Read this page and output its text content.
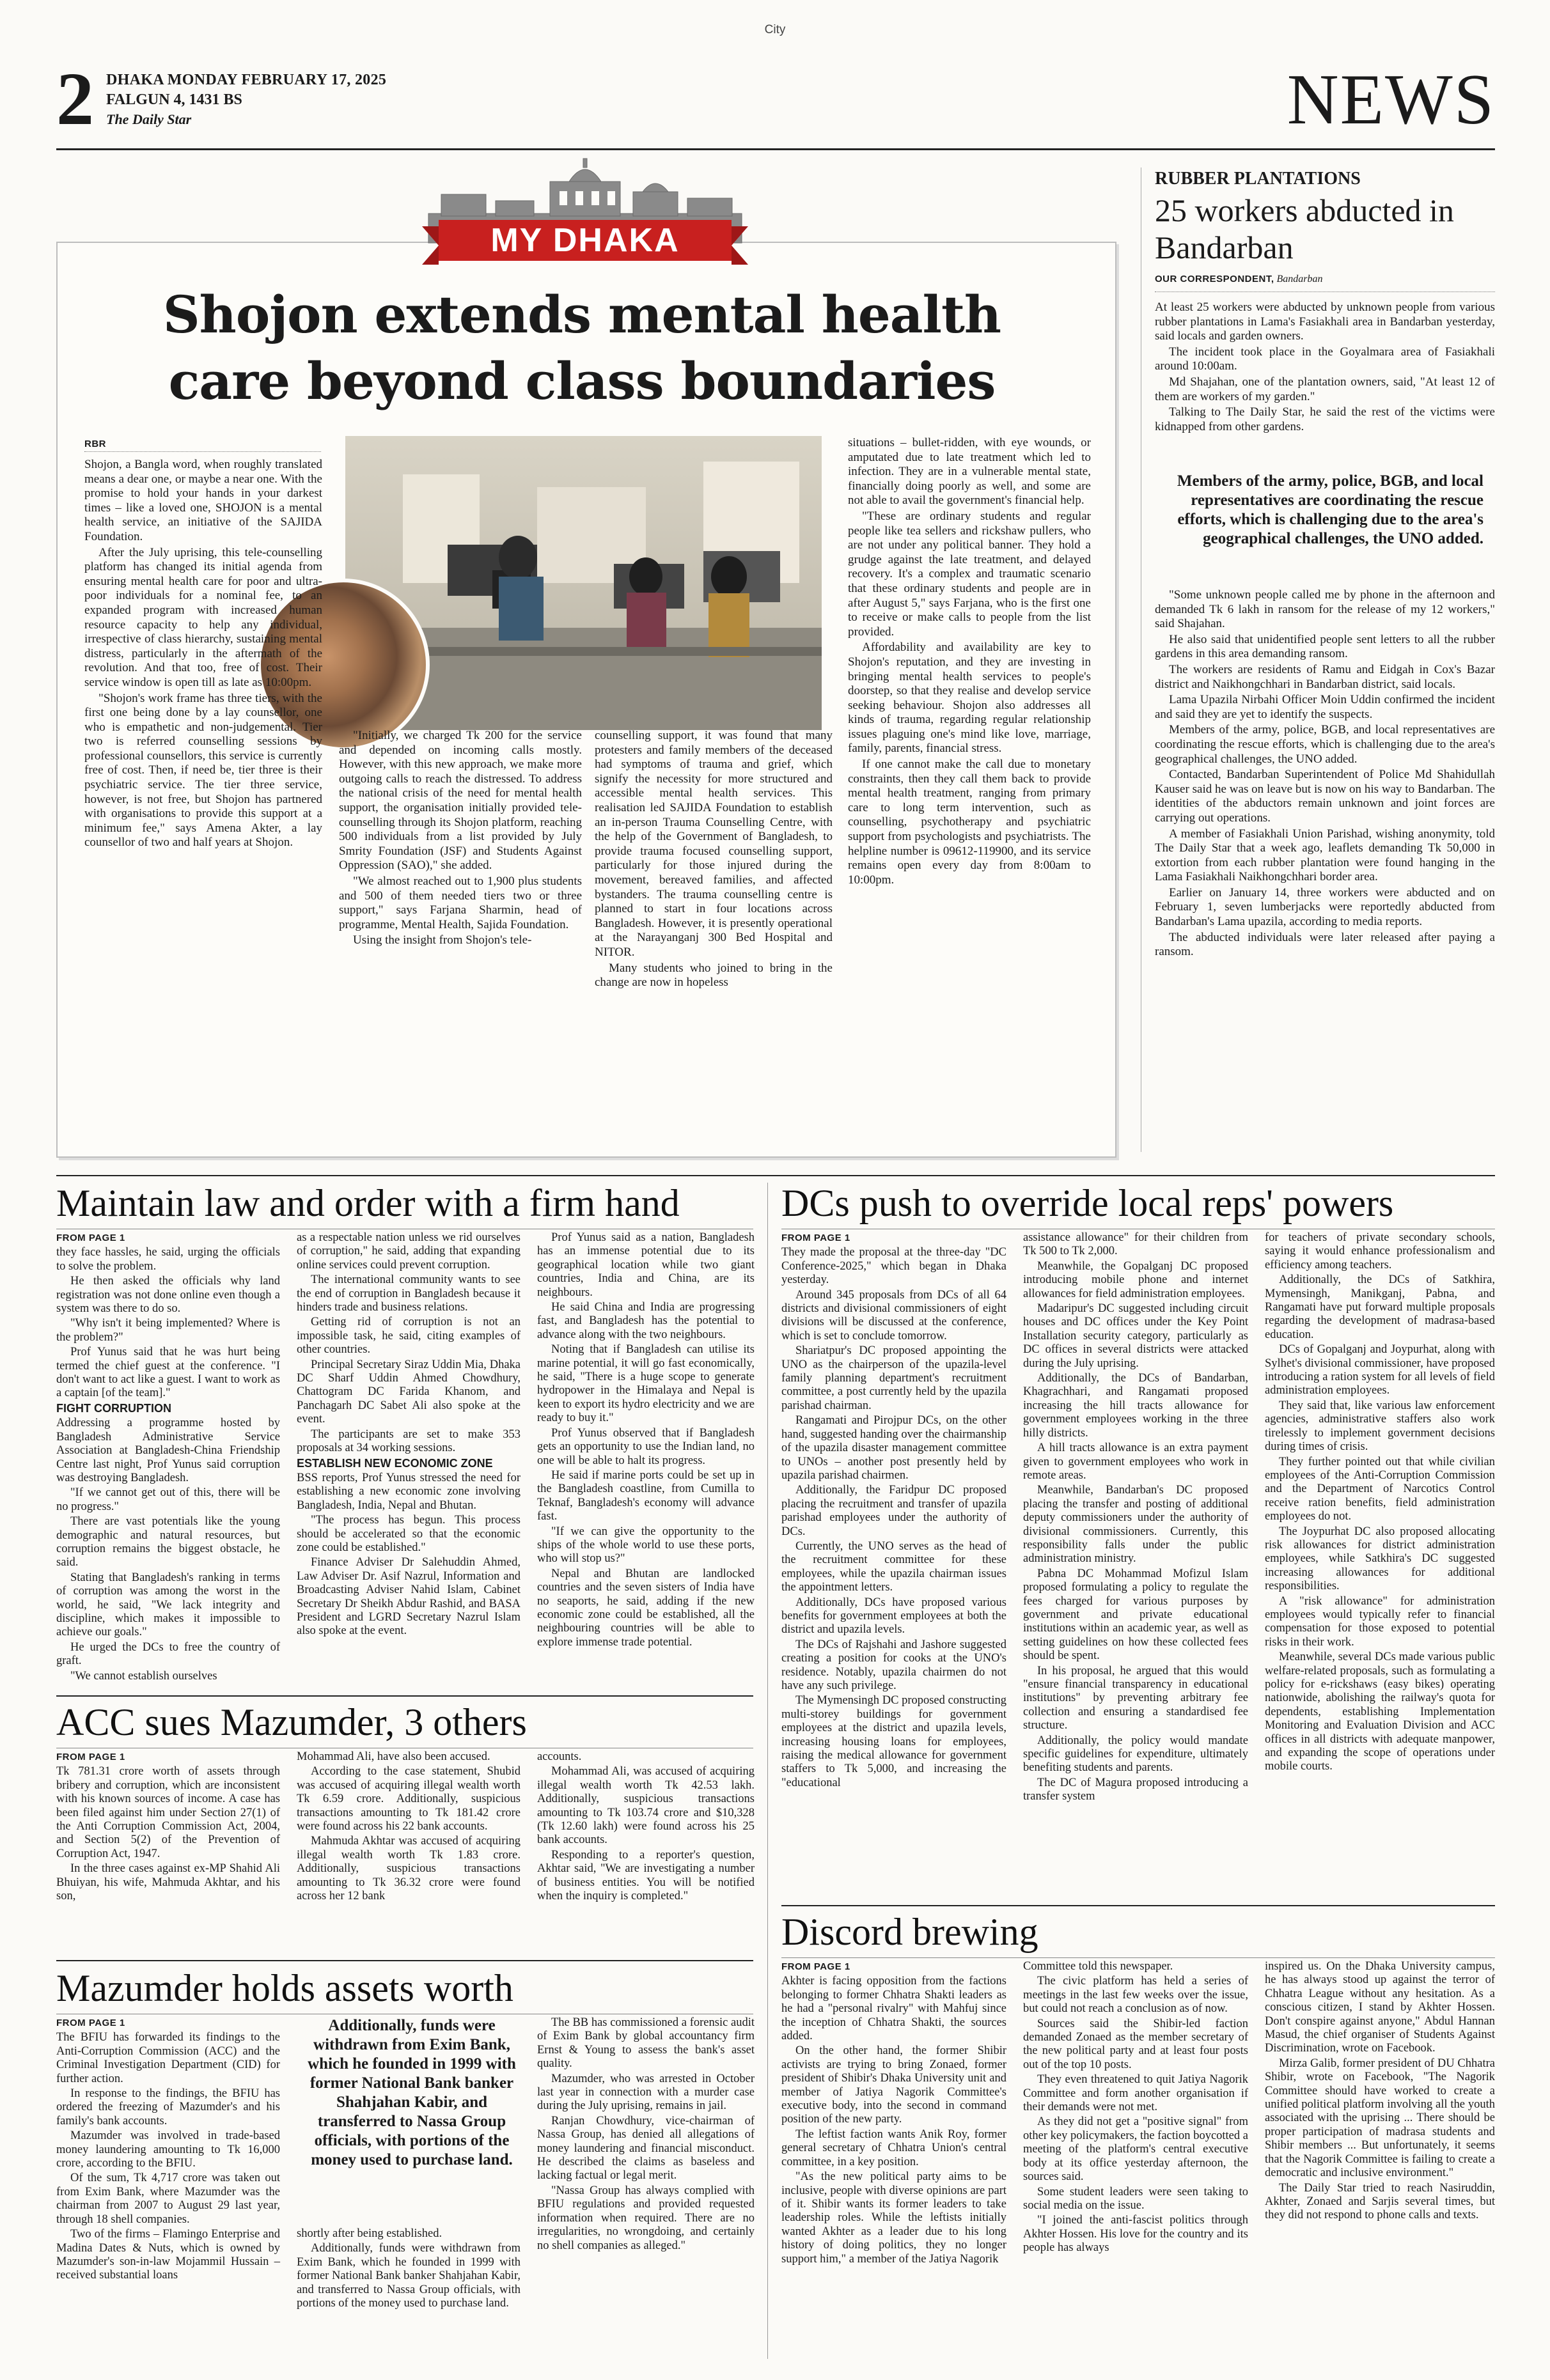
City
2 DHAKA MONDAY FEBRUARY 17, 2025
FALGUN 4, 1431 BS
The Daily Star	NEWS
MY DHAKA
Shojon extends mental health care beyond class boundaries
RBR

Shojon, a Bangla word, when roughly translated means a dear one, or maybe a near one. With the promise to hold your hands in your darkest times – like a loved one, SHOJON is a mental health service, an initiative of the SAJIDA Foundation.

After the July uprising, this tele-counselling platform has changed its initial agenda from ensuring mental health care for poor and ultra-poor individuals for a nominal fee, to an expanded program with increased human resource capacity to help any individual, irrespective of class hierarchy, sustaining mental distress, particularly in the aftermath of the revolution. And that too, free of cost. Their service window is open till as late as 10:00pm.

"Shojon's work frame has three tiers, with the first one being done by a lay counsellor, one who is empathetic and non-judgemental. Tier two is referred counselling sessions by professional counsellors, this service is currently free of cost. Then, if need be, tier three is their psychiatric service. The tier three service, however, is not free, but Shojon has partnered with organisations to provide this support at a minimum fee," says Amena Akter, a lay counsellor of two and half years at Shojon.

"Initially, we charged Tk 200 for the service and depended on incoming calls mostly. However, with this new approach, we make more outgoing calls to reach the distressed. To address the national crisis of the need for mental health support, the organisation initially provided tele-counselling through its Shojon platform, reaching 500 individuals from a list provided by July Smrity Foundation (JSF) and Students Against Oppression (SAO)," she added.

"We almost reached out to 1,900 plus students and 500 of them needed tiers two or three support," says Farjana Sharmin, head of programme, Mental Health, Sajida Foundation.

Using the insight from Shojon's tele-

counselling support, it was found that many protesters and family members of the deceased had symptoms of trauma and grief, which signify the necessity for more structured and accessible mental health services. This realisation led SAJIDA Foundation to establish an in-person Trauma Counselling Centre, with the help of the Government of Bangladesh, to provide trauma focused counselling support, particularly for those injured during the movement, bereaved families, and affected bystanders. The trauma counselling centre is planned to start in four locations across Bangladesh. However, it is presently operational at the Narayanganj 300 Bed Hospital and NITOR.

Many students who joined to bring in the change are now in hopeless

situations – bullet-ridden, with eye wounds, or amputated due to late treatment which led to infection. They are in a vulnerable mental state, financially doing poorly as well, and some are not able to avail the government's financial help.

"These are ordinary students and regular people like tea sellers and rickshaw pullers, who are not under any political banner. They hold a grudge against the late treatment, and delayed recovery. It's a complex and traumatic scenario that these ordinary students and people are in after August 5," says Farjana, who is the first one to receive or make calls to people from the list provided.

Affordability and availability are key to Shojon's reputation, and they are investing in bringing mental health services to people's doorstep, so that they realise and develop service seeking behaviour. Shojon also addresses all kinds of trauma, regarding regular relationship issues plaguing one's mind like love, marriage, family, parents, financial stress.

If one cannot make the call due to monetary constraints, then they call them back to provide mental health treatment, ranging from primary care to long term intervention, such as counselling, psychotherapy and psychiatric support from psychologists and psychiatrists. The helpline number is 09612-119900, and its service remains open every day from 8:00am to 10:00pm.

RUBBER PLANTATIONS
25 workers abducted in Bandarban
OUR CORRESPONDENT, Bandarban

At least 25 workers were abducted by unknown people from various rubber plantations in Lama's Fasiakhali area in Bandarban yesterday, said locals and garden owners.

The incident took place in the Goyalmara area of Fasiakhali around 10:00am.

Md Shajahan, one of the plantation owners, said, "At least 12 of them are workers of my garden."

Talking to The Daily Star, he said the rest of the victims were kidnapped from other gardens.

Members of the army, police, BGB, and local representatives are coordinating the rescue efforts, which is challenging due to the area's geographical challenges, the UNO added.

"Some unknown people called me by phone in the afternoon and demanded Tk 6 lakh in ransom for the release of my 12 workers," said Shajahan.

He also said that unidentified people sent letters to all the rubber gardens in this area demanding ransom.

The workers are residents of Ramu and Eidgah in Cox's Bazar district and Naikhongchhari in Bandarban district, said locals.

Lama Upazila Nirbahi Officer Moin Uddin confirmed the incident and said they are yet to identify the suspects.

Members of the army, police, BGB, and local representatives are coordinating the rescue efforts, which is challenging due to the area's geographical challenges, the UNO added.

Contacted, Bandarban Superintendent of Police Md Shahidullah Kauser said he was on leave but is now on his way to Bandarban. The identities of the abductors remain unknown and joint forces are carrying out operations.

A member of Fasiakhali Union Parishad, wishing anonymity, told The Daily Star that a week ago, leaflets demanding Tk 50,000 in extortion from each rubber plantation were found hanging in the Lama Fasiakhali Naikhongchhari border area.

Earlier on January 14, three workers were abducted and on February 1, seven lumberjacks were reportedly abducted from Bandarban's Lama upazila, according to media reports.

The abducted individuals were later released after paying a ransom.

Maintain law and order with a firm hand
FROM PAGE 1

they face hassles, he said, urging the officials to solve the problem.

He then asked the officials why land registration was not done online even though a system was there to do so.

"Why isn't it being implemented? Where is the problem?"

Prof Yunus said that he was hurt being termed the chief guest at the conference. "I don't want to act like a guest. I want to work as a captain [of the team]."

FIGHT CORRUPTION

Addressing a programme hosted by Bangladesh Administrative Service Association at Bangladesh-China Friendship Centre last night, Prof Yunus said corruption was destroying Bangladesh.

"If we cannot get out of this, there will be no progress."

There are vast potentials like the young demographic and natural resources, but corruption remains the biggest obstacle, he said.

Stating that Bangladesh's ranking in terms of corruption was among the worst in the world, he said, "We lack integrity and discipline, which makes it impossible to achieve our goals."

He urged the DCs to free the country of graft.

"We cannot establish ourselves

as a respectable nation unless we rid ourselves of corruption," he said, adding that expanding online services could prevent corruption.

The international community wants to see the end of corruption in Bangladesh because it hinders trade and business relations.

Getting rid of corruption is not an impossible task, he said, citing examples of other countries.

Principal Secretary Siraz Uddin Mia, Dhaka DC Sharf Uddin Ahmed Chowdhury, Chattogram DC Farida Khanom, and Panchagarh DC Sabet Ali also spoke at the event.

The participants are set to make 353 proposals at 34 working sessions.

ESTABLISH NEW ECONOMIC ZONE

BSS reports, Prof Yunus stressed the need for establishing a new economic zone involving Bangladesh, India, Nepal and Bhutan.

"The process has begun. This process should be accelerated so that the economic zone could be established."

Finance Adviser Dr Salehuddin Ahmed, Law Adviser Dr. Asif Nazrul, Information and Broadcasting Adviser Nahid Islam, Cabinet Secretary Dr Sheikh Abdur Rashid, and BASA President and LGRD Secretary Nazrul Islam also spoke at the event.

Prof Yunus said as a nation, Bangladesh has an immense potential due to its geographical location while two giant countries, India and China, are its neighbours.

He said China and India are progressing fast, and Bangladesh has the potential to advance along with the two neighbours.

Noting that if Bangladesh can utilise its marine potential, it will go fast economically, he said, "There is a huge scope to generate hydropower in the Himalaya and Nepal is keen to export its hydro electricity and we are ready to buy it."

Prof Yunus observed that if Bangladesh gets an opportunity to use the Indian land, no one will be able to halt its progress.

He said if marine ports could be set up in the Bangladesh coastline, from Cumilla to Teknaf, Bangladesh's economy will advance fast.

"If we can give the opportunity to the ships of the whole world to use these ports, who will stop us?"

Nepal and Bhutan are landlocked countries and the seven sisters of India have no seaports, he said, adding if the new economic zone could be established, all the neighbouring countries will be able to explore immense trade potential.

DCs push to override local reps' powers
FROM PAGE 1

They made the proposal at the three-day "DC Conference-2025," which began in Dhaka yesterday.

Around 345 proposals from DCs of all 64 districts and divisional commissioners of eight divisions will be discussed at the conference, which is set to conclude tomorrow.

Shariatpur's DC proposed appointing the UNO as the chairperson of the upazila-level family planning department's recruitment committee, a post currently held by the upazila parishad chairman.

Rangamati and Pirojpur DCs, on the other hand, suggested handing over the chairmanship of the upazila disaster management committee to UNOs – another post presently held by upazila parishad chairmen.

Additionally, the Faridpur DC proposed placing the recruitment and transfer of upazila parishad employees under the authority of DCs.

Currently, the UNO serves as the head of the recruitment committee for these employees, while the upazila chairman issues the appointment letters.

Additionally, DCs have proposed various benefits for government employees at both the district and upazila levels.

The DCs of Rajshahi and Jashore suggested creating a position for cooks at the UNO's residence. Notably, upazila chairmen do not have any such privilege.

The Mymensingh DC proposed constructing multi-storey buildings for government employees at the district and upazila levels, increasing housing loans for employees, raising the medical allowance for government staffers to Tk 5,000, and increasing the "educational

assistance allowance" for their children from Tk 500 to Tk 2,000.

Meanwhile, the Gopalganj DC proposed introducing mobile phone and internet allowances for field administration employees.

Madaripur's DC suggested including circuit houses and DC offices under the Key Point Installation security category, particularly as DC offices in several districts were attacked during the July uprising.

Additionally, the DCs of Bandarban, Khagrachhari, and Rangamati proposed increasing the hill tracts allowance for government employees working in the three hilly districts.

A hill tracts allowance is an extra payment given to government employees who work in remote areas.

Meanwhile, Bandarban's DC proposed placing the transfer and posting of additional deputy commissioners under the authority of divisional commissioners. Currently, this responsibility falls under the public administration ministry.

Pabna DC Mohammad Mofizul Islam proposed formulating a policy to regulate the fees charged for various purposes by government and private educational institutions within an academic year, as well as setting guidelines on how these collected fees should be spent.

In his proposal, he argued that this would "ensure financial transparency in educational institutions" by preventing arbitrary fee collection and ensuring a standardised fee structure.

Additionally, the policy would mandate specific guidelines for expenditure, ultimately benefiting students and parents.

The DC of Magura proposed introducing a transfer system

for teachers of private secondary schools, saying it would enhance professionalism and efficiency among teachers.

Additionally, the DCs of Satkhira, Mymensingh, Manikganj, Pabna, and Rangamati have put forward multiple proposals regarding the development of madrasa-based education.

DCs of Gopalganj and Joypurhat, along with Sylhet's divisional commissioner, have proposed introducing a ration system for all levels of field administration employees.

They said that, like various law enforcement agencies, administrative staffers also work tirelessly to implement government decisions during times of crisis.

They further pointed out that while civilian employees of the Anti-Corruption Commission and the Department of Narcotics Control receive ration benefits, field administration employees do not.

The Joypurhat DC also proposed allocating risk allowances for district administration employees, while Satkhira's DC suggested increasing allowances for additional responsibilities.

A "risk allowance" for administration employees would typically refer to financial compensation for those exposed to potential risks in their work.

Meanwhile, several DCs made various public welfare-related proposals, such as formulating a policy for e-rickshaws (easy bikes) operating nationwide, abolishing the railway's quota for dependents, establishing Implementation Monitoring and Evaluation Division and ACC offices in all districts with adequate manpower, and expanding the scope of operations under mobile courts.

ACC sues Mazumder, 3 others
FROM PAGE 1

Tk 781.31 crore worth of assets through bribery and corruption, which are inconsistent with his known sources of income. A case has been filed against him under Section 27(1) of the Anti Corruption Commission Act, 2004, and Section 5(2) of the Prevention of Corruption Act, 1947.

In the three cases against ex-MP Shahid Ali Bhuiyan, his wife, Mahmuda Akhtar, and his son,

Mohammad Ali, have also been accused.

According to the case statement, Shubid was accused of acquiring illegal wealth worth Tk 6.59 crore. Additionally, suspicious transactions amounting to Tk 181.42 crore were found across his 22 bank accounts.

Mahmuda Akhtar was accused of acquiring illegal wealth worth Tk 1.83 crore. Additionally, suspicious transactions amounting to Tk 36.32 crore were found across her 12 bank

accounts.

Mohammad Ali, was accused of acquiring illegal wealth worth Tk 42.53 lakh. Additionally, suspicious transactions amounting to Tk 103.74 crore and $10,328 (Tk 12.60 lakh) were found across his 25 bank accounts.

Responding to a reporter's question, Akhtar said, "We are investigating a number of business entities. You will be notified when the inquiry is completed."

Mazumder holds assets worth
FROM PAGE 1

The BFIU has forwarded its findings to the Anti-Corruption Commission (ACC) and the Criminal Investigation Department (CID) for further action.

In response to the findings, the BFIU has ordered the freezing of Mazumder's and his family's bank accounts.

Mazumder was involved in trade-based money laundering amounting to Tk 16,000 crore, according to the BFIU.

Of the sum, Tk 4,717 crore was taken out from Exim Bank, where Mazumder was the chairman from 2007 to August 29 last year, through 18 shell companies.

Two of the firms – Flamingo Enterprise and Madina Dates & Nuts, which is owned by Mazumder's son-in-law Mojammil Hussain – received substantial loans

Additionally, funds were withdrawn from Exim Bank, which he founded in 1999 with former National Bank banker Shahjahan Kabir, and transferred to Nassa Group officials, with portions of the money used to purchase land.

shortly after being established.

Additionally, funds were withdrawn from Exim Bank, which he founded in 1999 with former National Bank banker Shahjahan Kabir, and transferred to Nassa Group officials, with portions of the money used to purchase land.

The BB has commissioned a forensic audit of Exim Bank by global accountancy firm Ernst & Young to assess the bank's asset quality.

Mazumder, who was arrested in October last year in connection with a murder case during the July uprising, remains in jail.

Ranjan Chowdhury, vice-chairman of Nassa Group, has denied all allegations of money laundering and financial misconduct. He described the claims as baseless and lacking factual or legal merit.

"Nassa Group has always complied with BFIU regulations and provided requested information when required. There are no irregularities, no wrongdoing, and certainly no shell companies as alleged."

Discord brewing
FROM PAGE 1

Akhter is facing opposition from the factions belonging to former Chhatra Shakti leaders as he had a "personal rivalry" with Mahfuj since the inception of Chhatra Shakti, the sources added.

On the other hand, the former Shibir activists are trying to bring Zonaed, former president of Shibir's Dhaka University unit and member of Jatiya Nagorik Committee's executive body, into the second in command position of the new party.

The leftist faction wants Anik Roy, former general secretary of Chhatra Union's central committee, in a key position.

"As the new political party aims to be inclusive, people with diverse opinions are part of it. Shibir wants its former leaders to take leadership roles. While the leftists initially wanted Akhter as a leader due to his long history of doing politics, they no longer support him," a member of the Jatiya Nagorik

Committee told this newspaper.

The civic platform has held a series of meetings in the last few weeks over the issue, but could not reach a conclusion as of now.

Sources said the Shibir-led faction demanded Zonaed as the member secretary of the new political party and at least four posts out of the top 10 posts.

They even threatened to quit Jatiya Nagorik Committee and form another organisation if their demands were not met.

As they did not get a "positive signal" from other key policymakers, the faction boycotted a meeting of the platform's central executive body at its office yesterday afternoon, the sources said.

Some student leaders were seen taking to social media on the issue.

"I joined the anti-fascist politics through Akhter Hossen. His love for the country and its people has always

inspired us. On the Dhaka University campus, he has always stood up against the terror of Chhatra League without any hesitation. As a conscious citizen, I stand by Akhter Hossen. Don't conspire against anyone," Abdul Hannan Masud, the chief organiser of Students Against Discrimination, wrote on Facebook.

Mirza Galib, former president of DU Chhatra Shibir, wrote on Facebook, "The Nagorik Committee should have worked to create a unified political platform involving all the youth associated with the uprising ... There should be proper participation of madrasa students and Shibir members ... But unfortunately, it seems that the Nagorik Committee is failing to create a democratic and inclusive environment."

The Daily Star tried to reach Nasiruddin, Akhter, Zonaed and Sarjis several times, but they did not respond to phone calls and texts.
